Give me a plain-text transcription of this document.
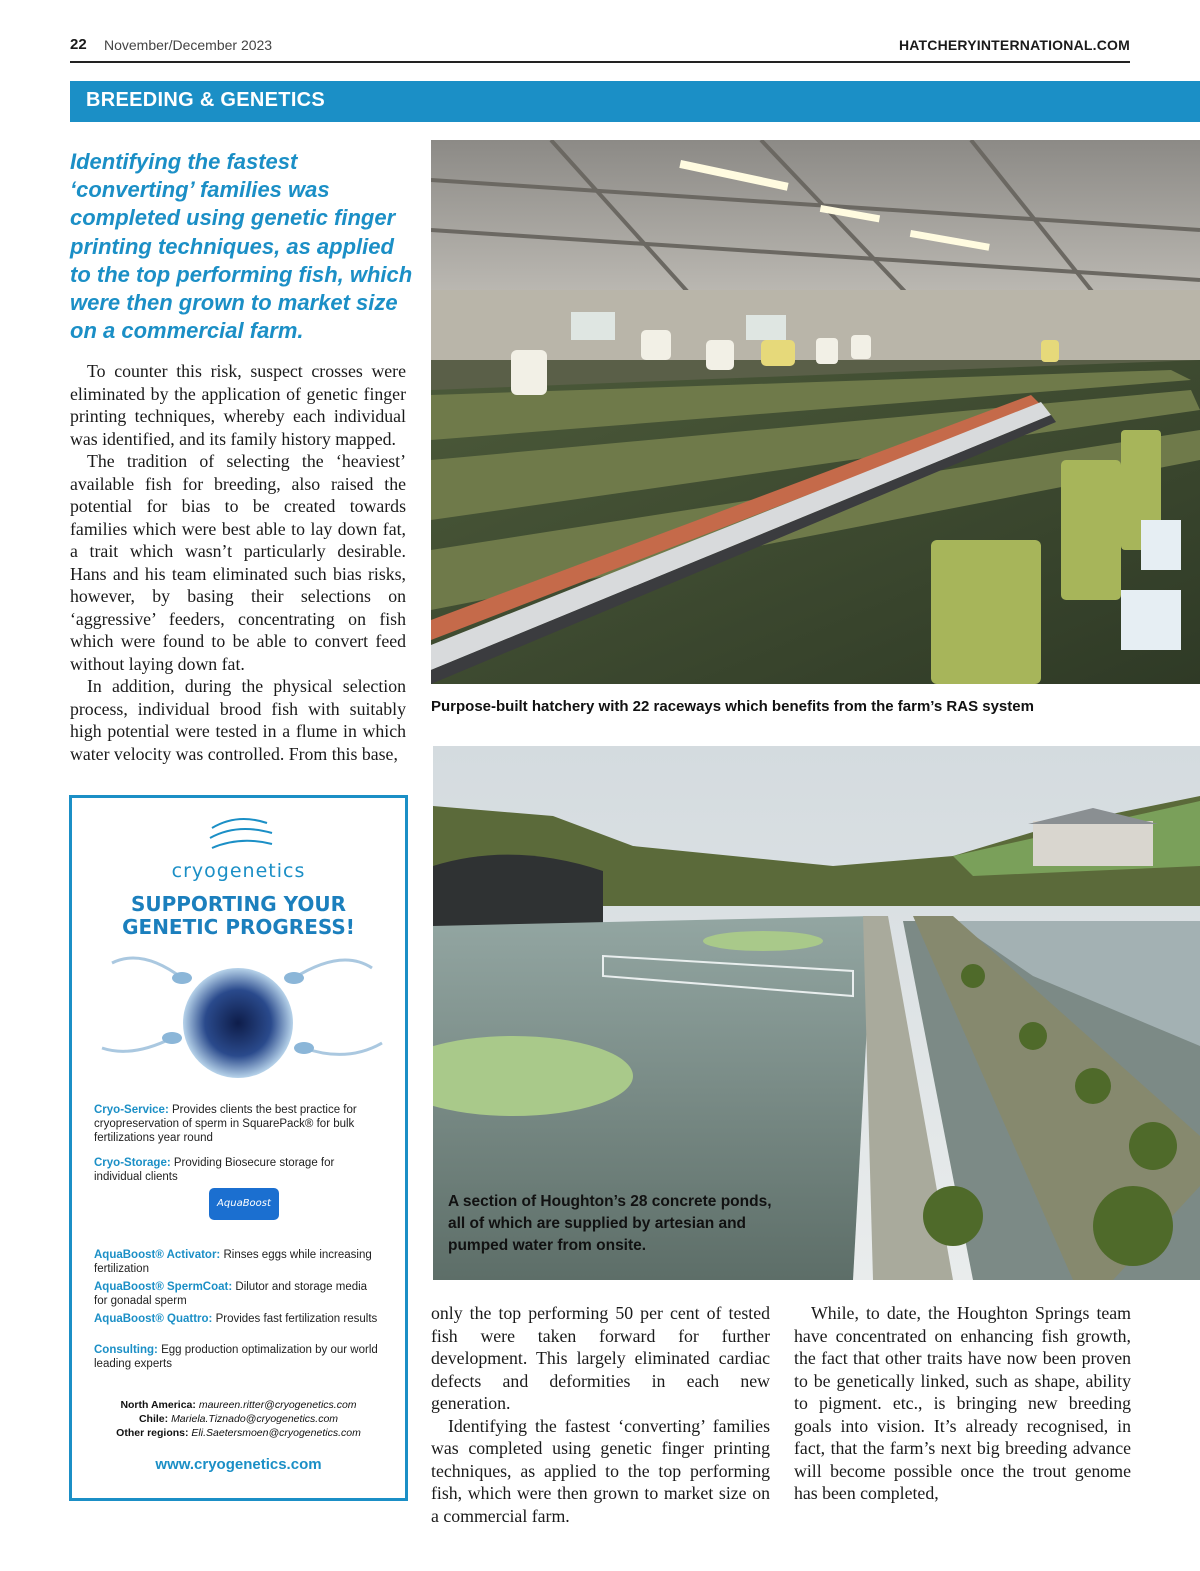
22 November/December 2023	HATCHERYINTERNATIONAL.COM
BREEDING & GENETICS

Identifying the fastest
‘converting’ families was
completed using genetic finger
printing techniques, as applied
to the top performing fish, which
were then grown to market size
on a commercial farm.

To counter this risk, suspect crosses were eliminated by the application of genetic finger printing techniques, whereby each individual was identified, and its family history mapped.

The tradition of selecting the ‘heaviest’ available fish for breeding, also raised the potential for bias to be created towards families which were best able to lay down fat, a trait which wasn’t particularly desirable. Hans and his team eliminated such bias risks, however, by basing their selections on ‘aggressive’ feeders, concentrating on fish which were found to be able to convert feed without laying down fat.

In addition, during the physical selection process, individual brood fish with suitably high potential were tested in a flume in which water velocity was controlled. From this base,

Purpose-built hatchery with 22 raceways which benefits from the farm’s RAS system

A section of Houghton’s 28 concrete ponds,
all of which are supplied by artesian and
pumped water from onsite.

cryogenetics

SUPPORTING YOUR
GENETIC PROGRESS!

Cryo-Service: Provides clients the best practice for
cryopreservation of sperm in SquarePack® for bulk
fertilizations year round

Cryo-Storage: Providing Biosecure storage for
individual clients

AquaBoost

AquaBoost® Activator: Rinses eggs while increasing
fertilization

AquaBoost® SpermCoat: Dilutor and storage media
for gonadal sperm

AquaBoost® Quattro: Provides fast fertilization results

Consulting: Egg production optimalization by our world
leading experts

North America: maureen.ritter@cryogenetics.com

Chile: Mariela.Tiznado@cryogenetics.com

Other regions: Eli.Saetersmoen@cryogenetics.com

www.cryogenetics.com

only the top performing 50 per cent of tested fish were taken forward for further development. This largely eliminated cardiac defects and deformities in each new generation.

Identifying the fastest ‘converting’ families was completed using genetic finger printing techniques, as applied to the top performing fish, which were then grown to market size on a commercial farm.

While, to date, the Houghton Springs team have concentrated on enhancing fish growth, the fact that other traits have now been proven to be genetically linked, such as shape, ability to pigment. etc., is bringing new breeding goals into vision. It’s already recognised, in fact, that the farm’s next big breeding advance will become possible once the trout genome has been completed,
